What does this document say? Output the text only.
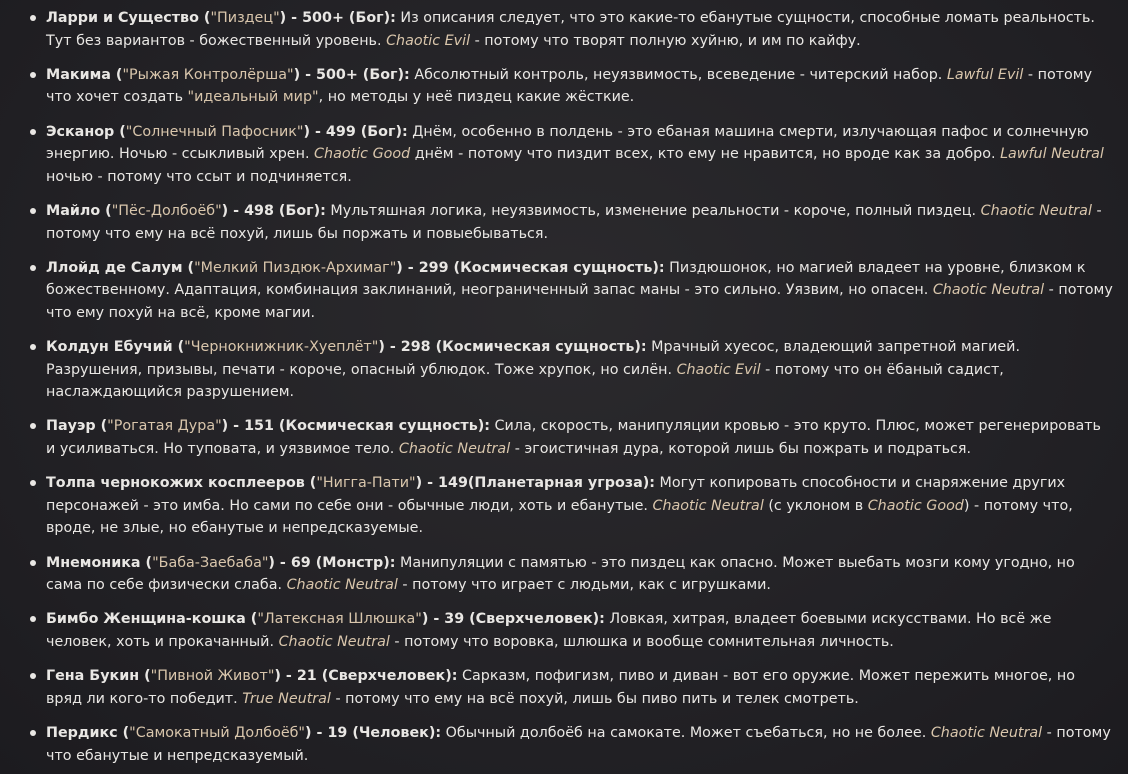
Ларри и Существо ("Пиздец") - 500+ (Бог): Из описания следует, что это какие-то ебанутые сущности, способные ломать реальность. Тут без вариантов - божественный уровень. Chaotic Evil - потому что творят полную хуйню, и им по кайфу.
Макима ("Рыжая Контролёрша") - 500+ (Бог): Абсолютный контроль, неуязвимость, всеведение - читерский набор. Lawful Evil - потому что хочет создать "идеальный мир", но методы у неё пиздец какие жёсткие.
Эсканор ("Солнечный Пафосник") - 499 (Бог): Днём, особенно в полдень - это ебаная машина смерти, излучающая пафос и солнечную энергию. Ночью - ссыкливый хрен. Chaotic Good днём - потому что пиздит всех, кто ему не нравится, но вроде как за добро. Lawful Neutral ночью - потому что ссыт и подчиняется.
Майло ("Пёс-Долбоёб") - 498 (Бог): Мультяшная логика, неуязвимость, изменение реальности - короче, полный пиздец. Chaotic Neutral - потому что ему на всё похуй, лишь бы поржать и повыебываться.
Ллойд де Салум ("Мелкий Пиздюк-Архимаг") - 299 (Космическая сущность): Пиздюшонок, но магией владеет на уровне, близком к божественному. Адаптация, комбинация заклинаний, неограниченный запас маны - это сильно. Уязвим, но опасен. Chaotic Neutral - потому что ему похуй на всё, кроме магии.
Колдун Ебучий ("Чернокнижник-Хуеплёт") - 298 (Космическая сущность): Мрачный хуесос, владеющий запретной магией. Разрушения, призывы, печати - короче, опасный ублюдок. Тоже хрупок, но силён. Chaotic Evil - потому что он ёбаный садист, наслаждающийся разрушением.
Пауэр ("Рогатая Дура") - 151 (Космическая сущность): Сила, скорость, манипуляции кровью - это круто. Плюс, может регенерировать и усиливаться. Но туповата, и уязвимое тело. Chaotic Neutral - эгоистичная дура, которой лишь бы пожрать и подраться.
Толпа чернокожих косплееров ("Нигга-Пати") - 149(Планетарная угроза): Могут копировать способности и снаряжение других персонажей - это имба. Но сами по себе они - обычные люди, хоть и ебанутые. Chaotic Neutral (с уклоном в Chaotic Good) - потому что, вроде, не злые, но ебанутые и непредсказуемые.
Мнемоника ("Баба-Заебаба") - 69 (Монстр): Манипуляции с памятью - это пиздец как опасно. Может выебать мозги кому угодно, но сама по себе физически слаба. Chaotic Neutral - потому что играет с людьми, как с игрушками.
Бимбо Женщина-кошка ("Латексная Шлюшка") - 39 (Сверхчеловек): Ловкая, хитрая, владеет боевыми искусствами. Но всё же человек, хоть и прокачанный. Chaotic Neutral - потому что воровка, шлюшка и вообще сомнительная личность.
Гена Букин ("Пивной Живот") - 21 (Сверхчеловек): Сарказм, пофигизм, пиво и диван - вот его оружие. Может пережить многое, но вряд ли кого-то победит. True Neutral - потому что ему на всё похуй, лишь бы пиво пить и телек смотреть.
Пердикс ("Самокатный Долбоёб") - 19 (Человек): Обычный долбоёб на самокате. Может съебаться, но не более. Chaotic Neutral - потому что ебанутые и непредсказуемый.
